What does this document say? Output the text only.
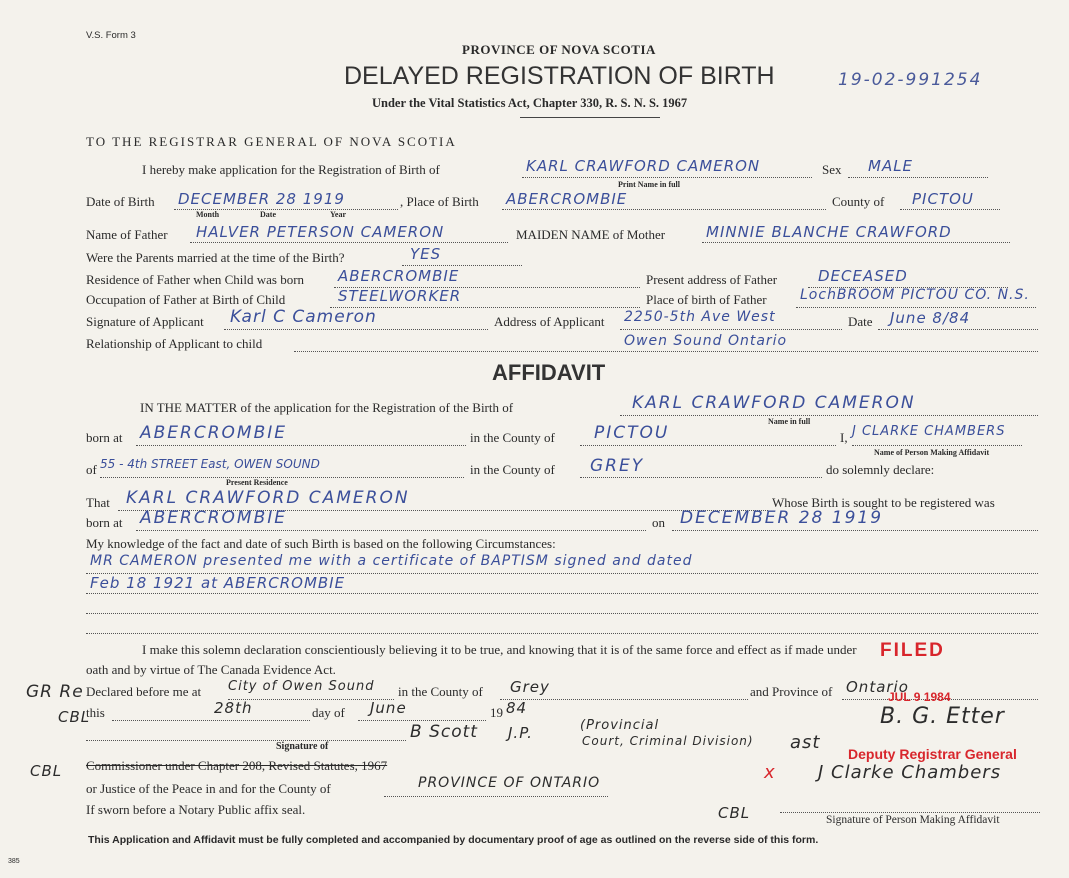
V.S. Form 3
PROVINCE OF NOVA SCOTIA
DELAYED REGISTRATION OF BIRTH	19-02-991254
Under the Vital Statistics Act, Chapter 330, R. S. N. S. 1967
TO THE REGISTRAR GENERAL OF NOVA SCOTIA
I hereby make application for the Registration of Birth of	KARL CRAWFORD CAMERON
Print Name in full
Sex MALE
Date of Birth DECEMBER 28 1919
Month	Date	Year
, Place of Birth ABERCROMBIE	County of PICTOU
Name of Father HALVER PETERSON CAMERON	MAIDEN NAME of Mother	MINNIE BLANCHE CRAWFORD
Were the Parents married at the time of the Birth?	YES
Residence of Father when Child was born ABERCROMBIE	Present address of Father	DECEASED
Occupation of Father at Birth of Child	STEELWORKER	Place of birth of Father LochBROOM PICTOU CO. N.S.
Signature of Applicant Karl C Cameron	Address of Applicant 2250-5th Ave West	Date June 8/84
Relationship of Applicant to child	Owen Sound Ontario
AFFIDAVIT
IN THE MATTER of the application for the Registration of the Birth of	KARL CRAWFORD CAMERON
Name in full
born at ABERCROMBIE	in the County of PICTOU	I, J CLARKE CHAMBERS
Name of Person Making Affidavit
of 55 - 4th STREET East, OWEN SOUND
Present Residence
in the County of GREY	do solemnly declare:
That KARL CRAWFORD CAMERON	Whose Birth is sought to be registered was
born at ABERCROMBIE	on DECEMBER 28 1919
My knowledge of the fact and date of such Birth is based on the following Circumstances:
MR CAMERON presented me with a certificate of BAPTISM signed and dated
Feb 18 1921 at ABERCROMBIE
I make this solemn declaration conscientiously believing it to be true, and knowing that it is of the same force and effect as if made under
oath and by virtue of The Canada Evidence Act.
Declared before me at City of Owen Sound in the County of Grey	and Province of Ontario
this	28th	day of June	19 84
B Scott J.P.	(Provincial
Court, Criminal Division)
Signature of
Commissioner under Chapter 208, Revised Statutes, 1967
or Justice of the Peace in and for the County of	PROVINCE OF ONTARIO
If sworn before a Notary Public affix seal.
J Clarke Chambers
Signature of Person Making Affidavit
FILED
JUL 9 1984
B. G. Etter
Deputy Registrar General
GR Re
CBL
CBL
ast
x
CBL
This Application and Affidavit must be fully completed and accompanied by documentary proof of age as outlined on the reverse side of this form.
385
